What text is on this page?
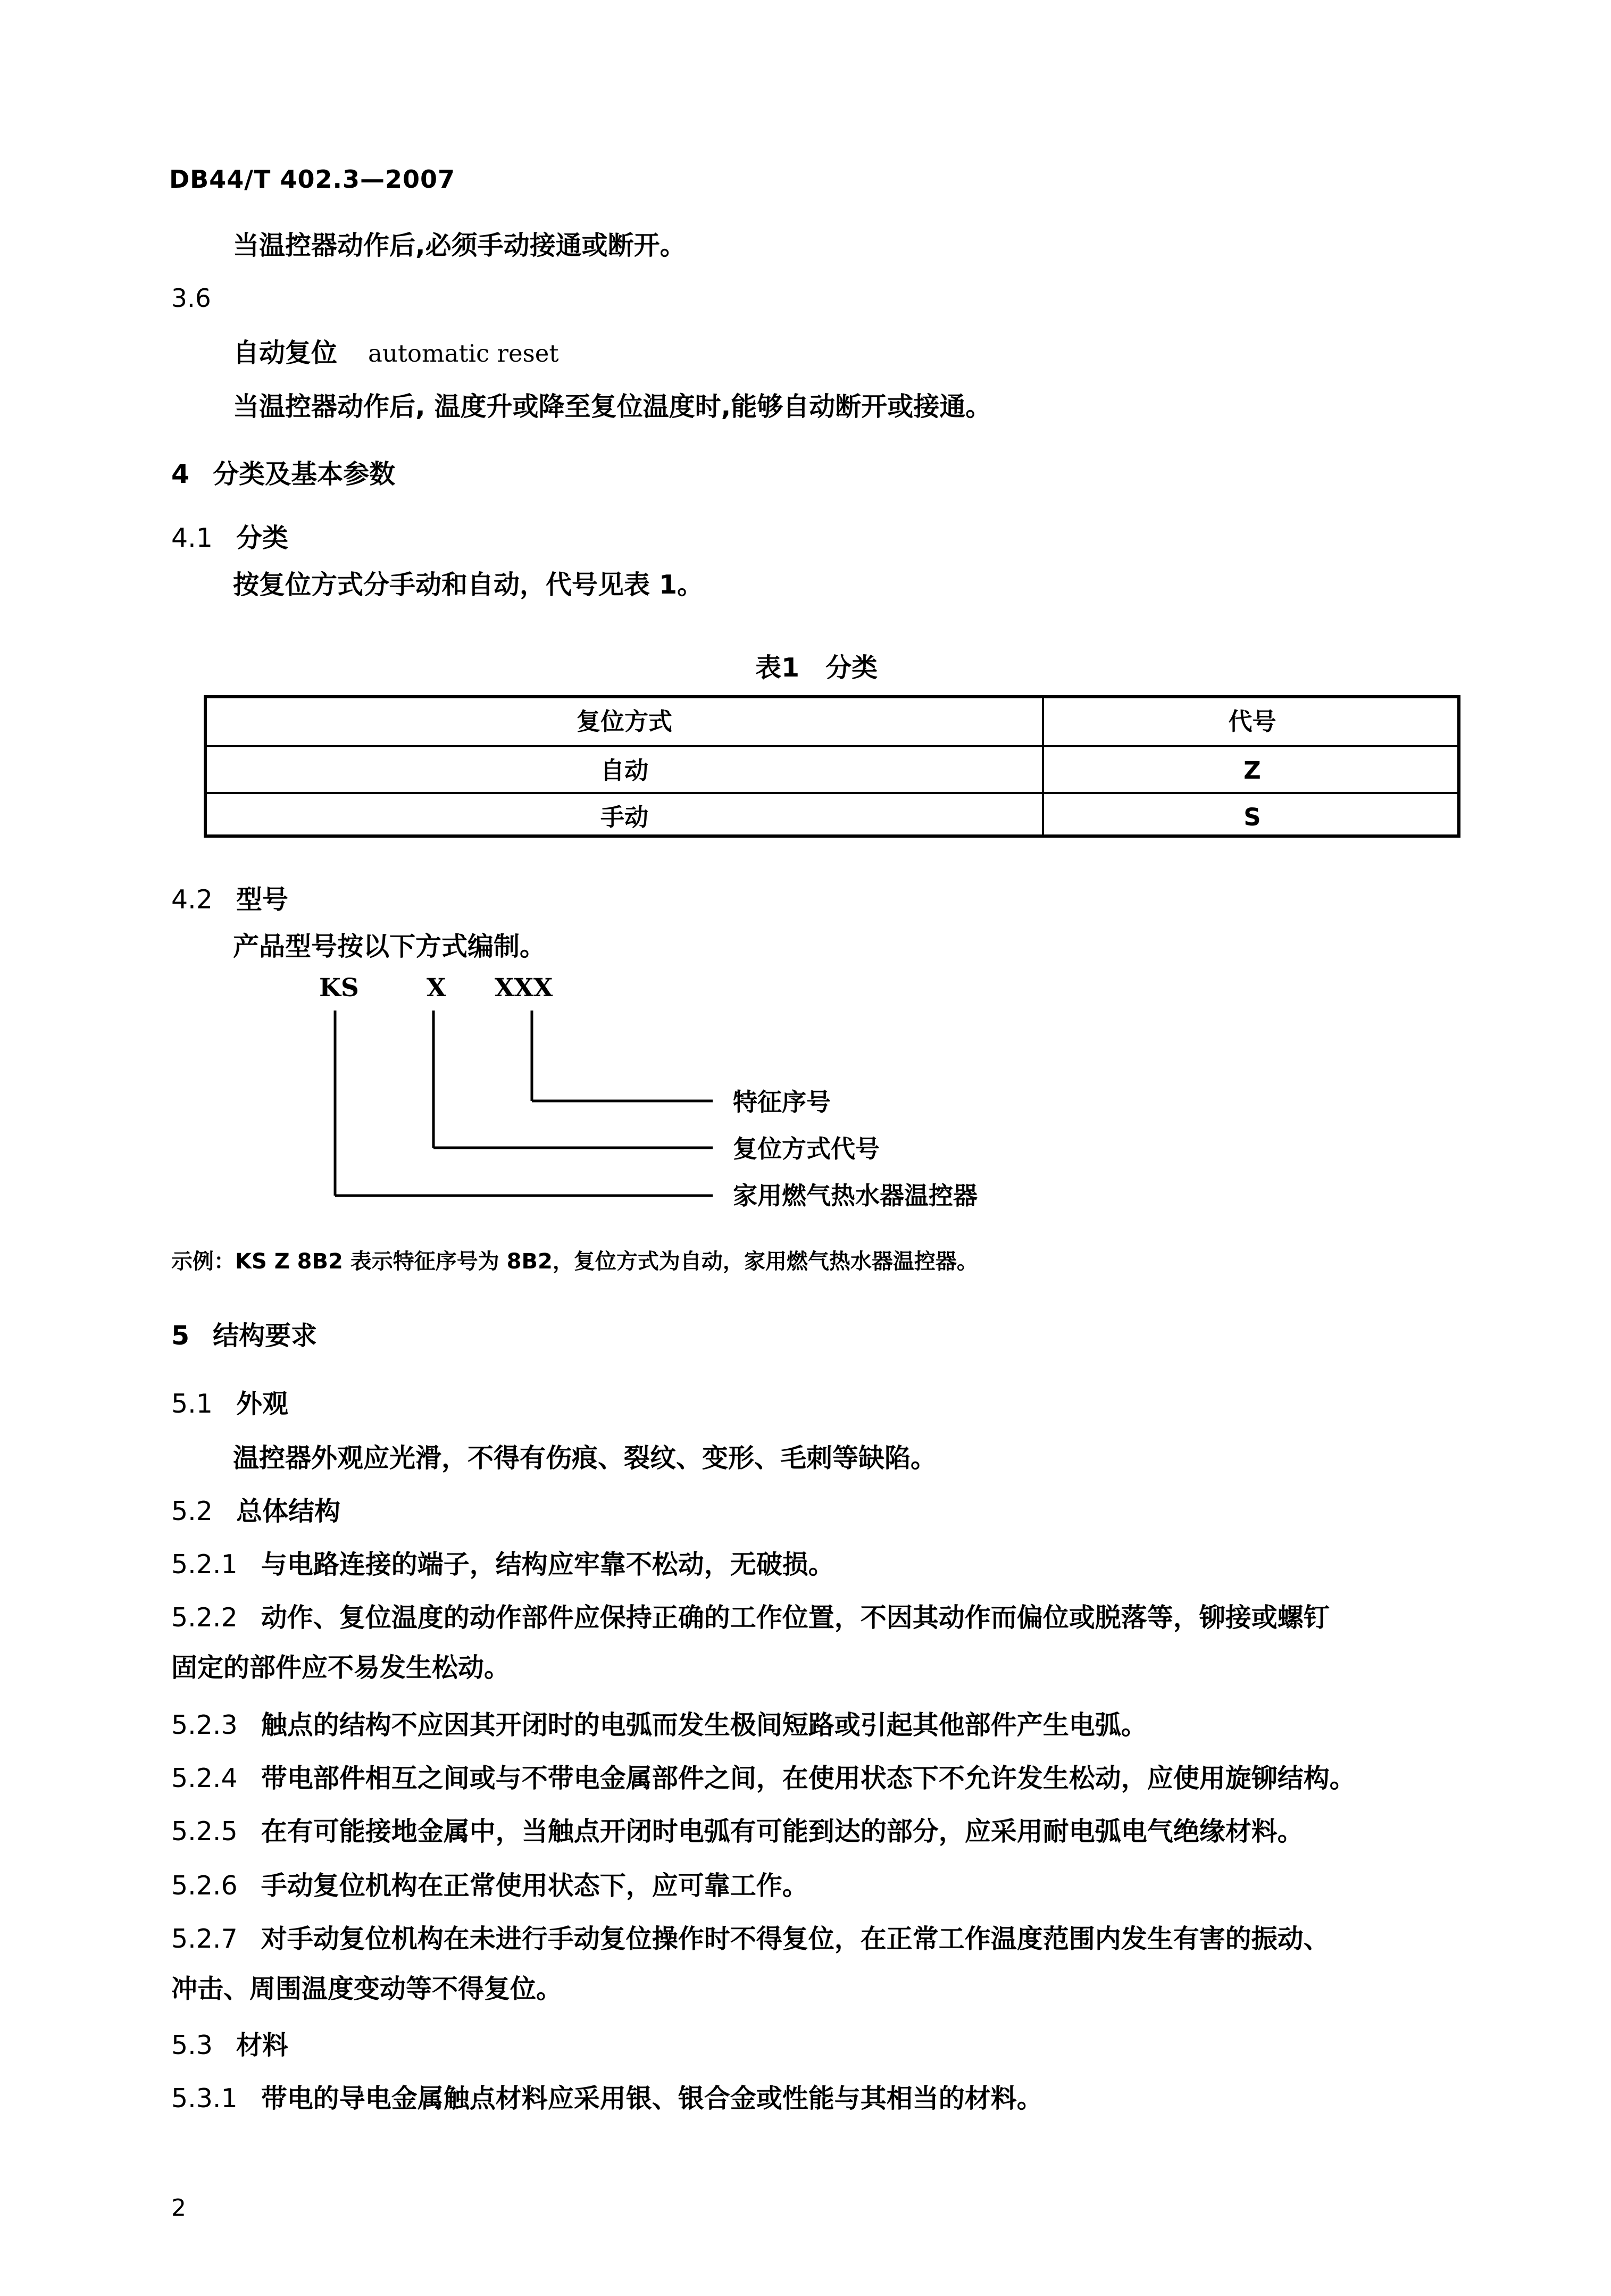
DB44/T 402.3—2007
当温控器动作后,必须手动接通或断开。
3.6
自动复位 automatic reset
当温控器动作后, 温度升或降至复位温度时,能够自动断开或接通。
4 分类及基本参数
4.1 分类
按复位方式分手动和自动，代号见表 1。
表1　分类
复位方式	代号
自动	Z
手动	S
4.2 型号
产品型号按以下方式编制。
KS	X XXX
特征序号
复位方式代号
家用燃气热水器温控器
示例：KS Z 8B2 表示特征序号为 8B2，复位方式为自动，家用燃气热水器温控器。
5 结构要求
5.1 外观
温控器外观应光滑，不得有伤痕、裂纹、变形、毛刺等缺陷。
5.2 总体结构
5.2.1 与电路连接的端子，结构应牢靠不松动，无破损。
5.2.2 动作、复位温度的动作部件应保持正确的工作位置，不因其动作而偏位或脱落等，铆接或螺钉
固定的部件应不易发生松动。
5.2.3 触点的结构不应因其开闭时的电弧而发生极间短路或引起其他部件产生电弧。
5.2.4 带电部件相互之间或与不带电金属部件之间，在使用状态下不允许发生松动，应使用旋铆结构。
5.2.5 在有可能接地金属中，当触点开闭时电弧有可能到达的部分，应采用耐电弧电气绝缘材料。
5.2.6 手动复位机构在正常使用状态下，应可靠工作。
5.2.7 对手动复位机构在未进行手动复位操作时不得复位，在正常工作温度范围内发生有害的振动、
冲击、周围温度变动等不得复位。
5.3 材料
5.3.1 带电的导电金属触点材料应采用银、银合金或性能与其相当的材料。
2
